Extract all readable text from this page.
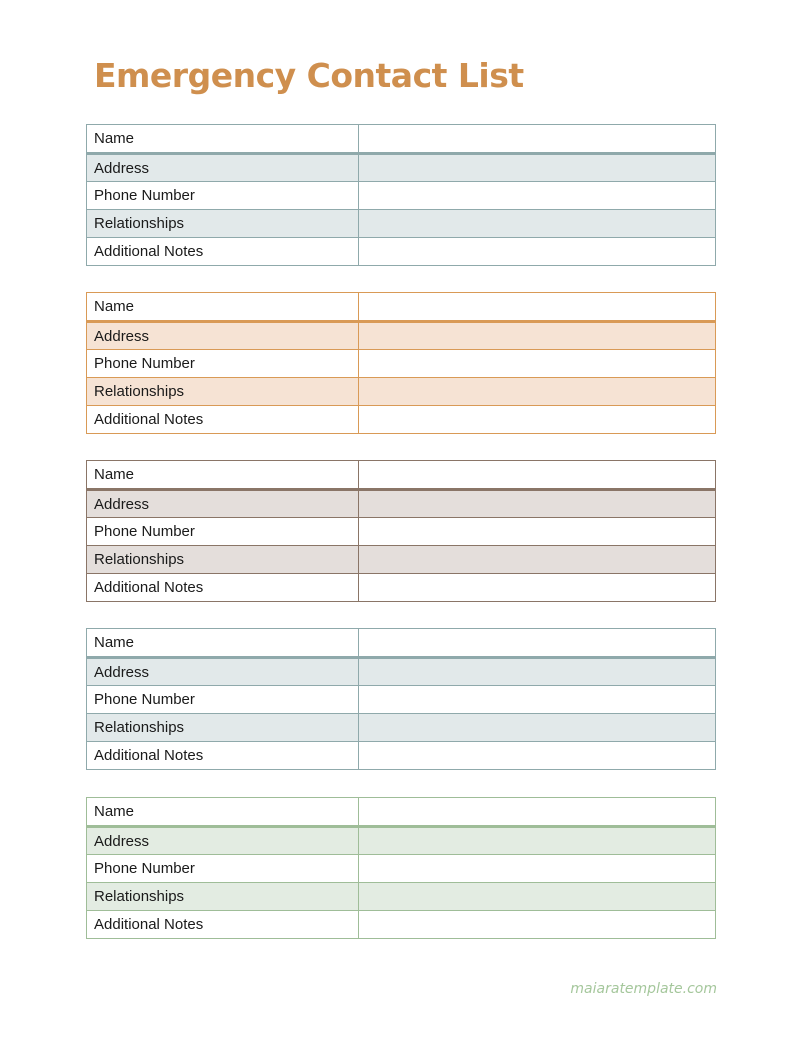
Emergency Contact List
Name	
Address	
Phone Number	
Relationships	
Additional Notes	
Name	
Address	
Phone Number	
Relationships	
Additional Notes	
Name	
Address	
Phone Number	
Relationships	
Additional Notes	
Name	
Address	
Phone Number	
Relationships	
Additional Notes	
Name	
Address	
Phone Number	
Relationships	
Additional Notes	

maiaratemplate.com
